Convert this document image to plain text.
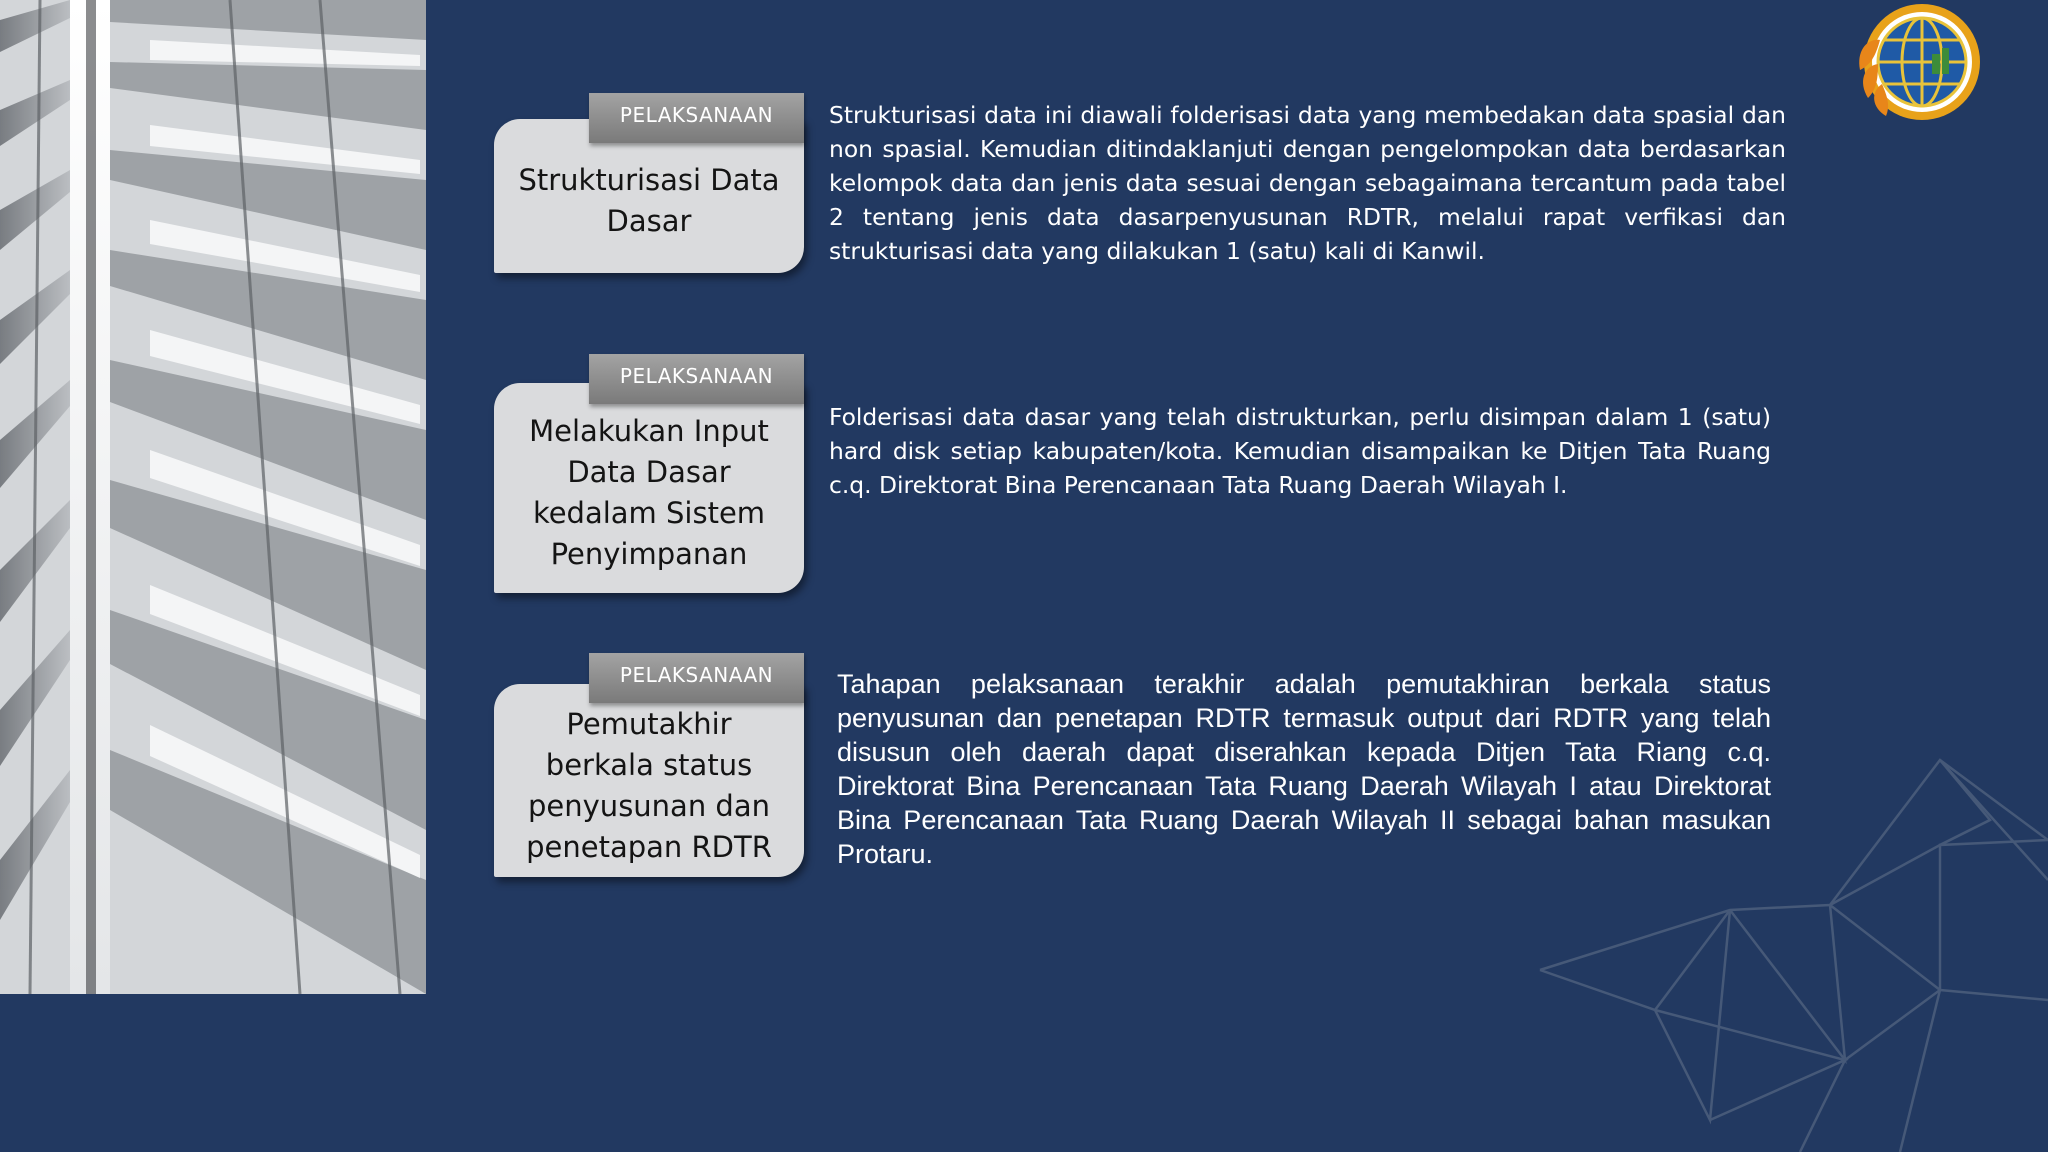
Strukturisasi Data Dasar
PELAKSANAAN	Strukturisasi data ini diawali folderisasi data yang membedakan data spasial dan non spasial. Kemudian ditindaklanjuti dengan pengelompokan data berdasarkan kelompok data dan jenis data sesuai dengan sebagaimana tercantum pada tabel 2 tentang jenis data dasarpenyusunan RDTR, melalui rapat verfikasi dan strukturisasi data yang dilakukan 1 (satu) kali di Kanwil.
Melakukan Input Data Dasar kedalam Sistem Penyimpanan
PELAKSANAAN
Folderisasi data dasar yang telah distrukturkan, perlu disimpan dalam 1 (satu) hard disk setiap kabupaten/kota. Kemudian disampaikan ke Ditjen Tata Ruang c.q. Direktorat Bina Perencanaan Tata Ruang Daerah Wilayah I.
Pemutakhir berkala status penyusunan dan penetapan RDTR
PELAKSANAAN	Tahapan pelaksanaan terakhir adalah pemutakhiran berkala status penyusunan dan penetapan RDTR termasuk output dari RDTR yang telah disusun oleh daerah dapat diserahkan kepada Ditjen Tata Riang c.q. Direktorat Bina Perencanaan Tata Ruang Daerah Wilayah I atau Direktorat Bina Perencanaan Tata Ruang Daerah Wilayah II sebagai bahan masukan Protaru.
